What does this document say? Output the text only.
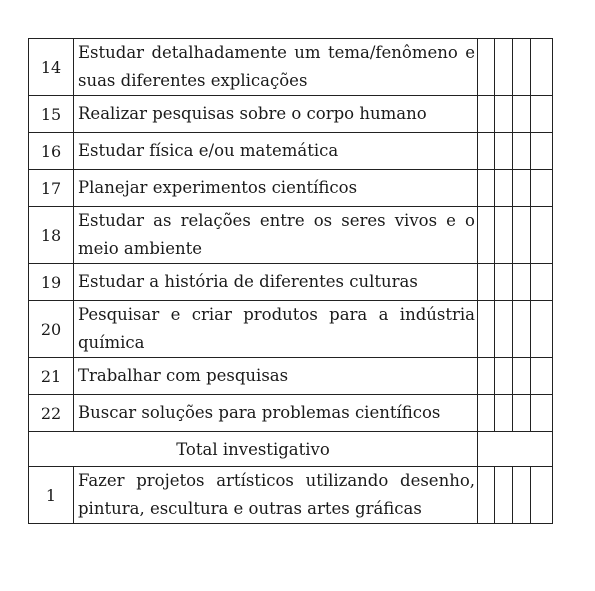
14	Estudar detalhadamente um tema/fenômeno e suas diferentes explicações				
15	Realizar pesquisas sobre o corpo humano				
16	Estudar física e/ou matemática				
17	Planejar experimentos científicos				
18	Estudar as relações entre os seres vivos e o meio ambiente				
19	Estudar a história de diferentes culturas				
20	Pesquisar e criar produtos para a indústria química				
21	Trabalhar com pesquisas				
22	Buscar soluções para problemas científicos				
Total investigativo					
1	Fazer projetos artísticos utilizando desenho, pintura, escultura e outras artes gráficas				
